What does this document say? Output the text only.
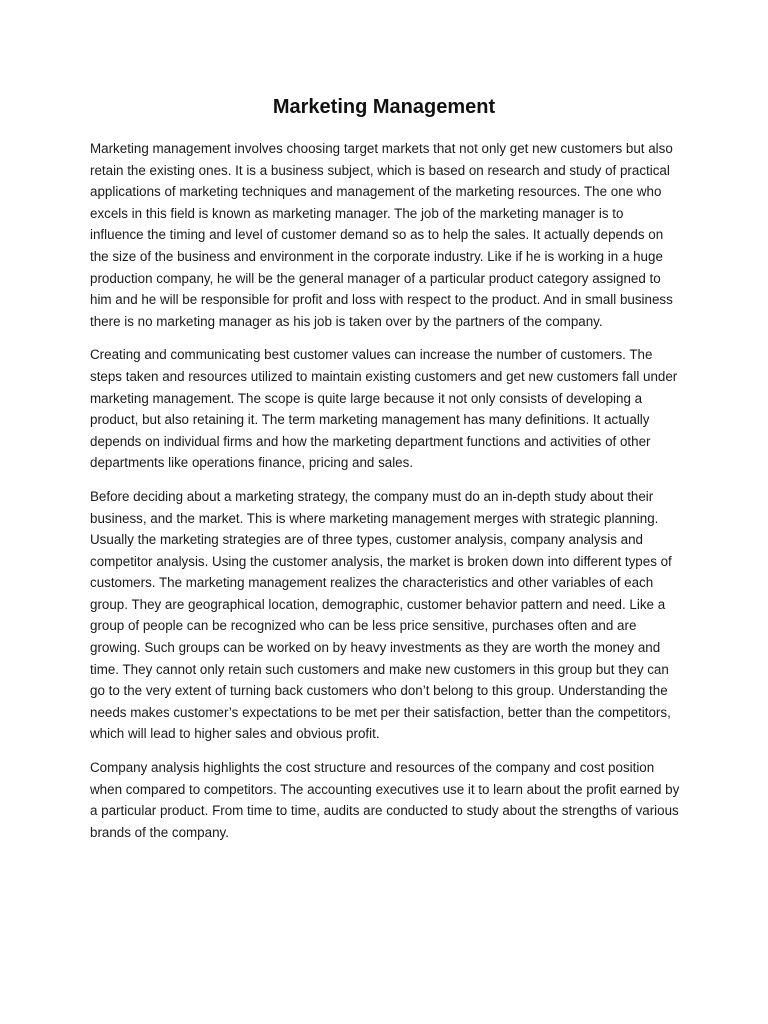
Marketing Management

Marketing management involves choosing target markets that not only get new customers but also retain the existing ones. It is a business subject, which is based on research and study of practical applications of marketing techniques and management of the marketing resources. The one who excels in this field is known as marketing manager. The job of the marketing manager is to influence the timing and level of customer demand so as to help the sales. It actually depends on the size of the business and environment in the corporate industry. Like if he is working in a huge production company, he will be the general manager of a particular product category assigned to him and he will be responsible for profit and loss with respect to the product. And in small business there is no marketing manager as his job is taken over by the partners of the company.

Creating and communicating best customer values can increase the number of customers. The steps taken and resources utilized to maintain existing customers and get new customers fall under marketing management. The scope is quite large because it not only consists of developing a product, but also retaining it. The term marketing management has many definitions. It actually depends on individual firms and how the marketing department functions and activities of other departments like operations finance, pricing and sales.

Before deciding about a marketing strategy, the company must do an in-depth study about their business, and the market. This is where marketing management merges with strategic planning. Usually the marketing strategies are of three types, customer analysis, company analysis and competitor analysis. Using the customer analysis, the market is broken down into different types of customers. The marketing management realizes the characteristics and other variables of each group. They are geographical location, demographic, customer behavior pattern and need. Like a group of people can be recognized who can be less price sensitive, purchases often and are growing. Such groups can be worked on by heavy investments as they are worth the money and time. They cannot only retain such customers and make new customers in this group but they can go to the very extent of turning back customers who don’t belong to this group. Understanding the needs makes customer’s expectations to be met per their satisfaction, better than the competitors, which will lead to higher sales and obvious profit.

Company analysis highlights the cost structure and resources of the company and cost position when compared to competitors. The accounting executives use it to learn about the profit earned by a particular product. From time to time, audits are conducted to study about the strengths of various brands of the company.
